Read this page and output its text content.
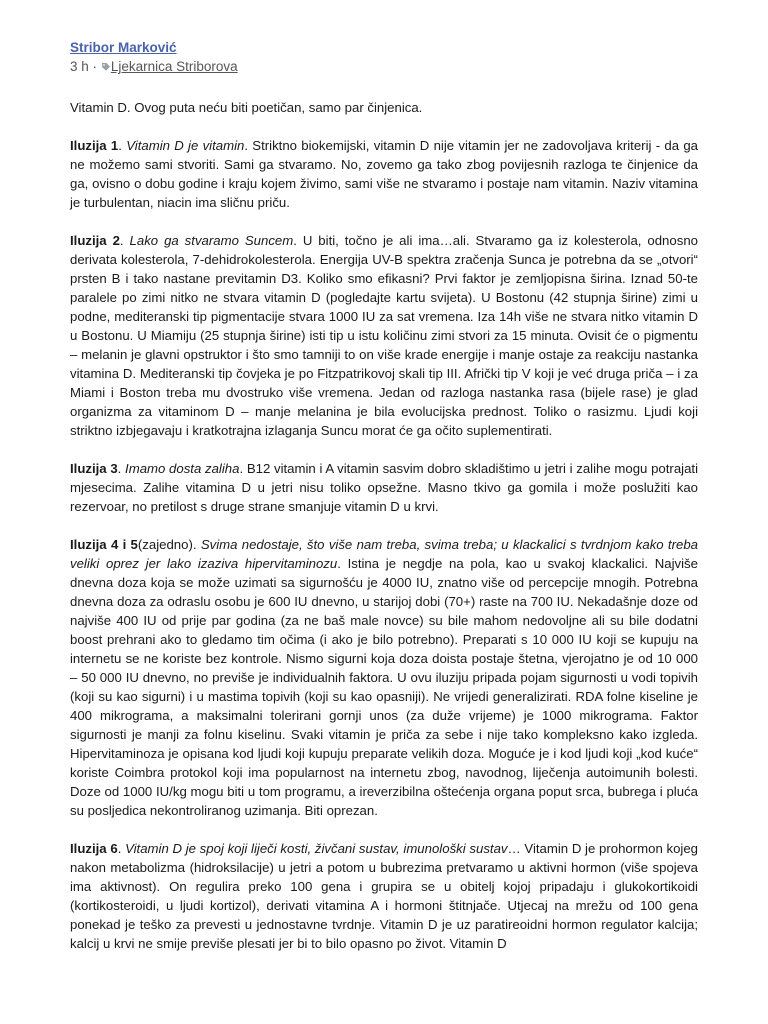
Stribor Marković
3 h · Ljekarnica Striborova

Vitamin D. Ovog puta neću biti poetičan, samo par činjenica.

Iluzija 1. Vitamin D je vitamin. Striktno biokemijski, vitamin D nije vitamin jer ne zadovoljava kriterij - da ga ne možemo sami stvoriti. Sami ga stvaramo. No, zovemo ga tako zbog povijesnih razloga te činjenice da ga, ovisno o dobu godine i kraju kojem živimo, sami više ne stvaramo i postaje nam vitamin. Naziv vitamina je turbulentan, niacin ima sličnu priču.

Iluzija 2. Lako ga stvaramo Suncem. U biti, točno je ali ima…ali. Stvaramo ga iz kolesterola, odnosno derivata kolesterola, 7-dehidrokolesterola. Energija UV-B spektra zračenja Sunca je potrebna da se „otvori“ prsten B i tako nastane previtamin D3. Koliko smo efikasni? Prvi faktor je zemljopisna širina. Iznad 50-te paralele po zimi nitko ne stvara vitamin D (pogledajte kartu svijeta). U Bostonu (42 stupnja širine) zimi u podne, mediteranski tip pigmentacije stvara 1000 IU za sat vremena. Iza 14h više ne stvara nitko vitamin D u Bostonu. U Miamiju (25 stupnja širine) isti tip u istu količinu zimi stvori za 15 minuta. Ovisit će o pigmentu – melanin je glavni opstruktor i što smo tamniji to on više krade energije i manje ostaje za reakciju nastanka vitamina D. Mediteranski tip čovjeka je po Fitzpatrikovoj skali tip III. Afrički tip V koji je već druga priča – i za Miami i Boston treba mu dvostruko više vremena. Jedan od razloga nastanka rasa (bijele rase) je glad organizma za vitaminom D – manje melanina je bila evolucijska prednost. Toliko o rasizmu. Ljudi koji striktno izbjegavaju i kratkotrajna izlaganja Suncu morat će ga očito suplementirati.

Iluzija 3. Imamo dosta zaliha. B12 vitamin i A vitamin sasvim dobro skladištimo u jetri i zalihe mogu potrajati mjesecima. Zalihe vitamina D u jetri nisu toliko opsežne. Masno tkivo ga gomila i može poslužiti kao rezervoar, no pretilost s druge strane smanjuje vitamin D u krvi.

Iluzija 4 i 5(zajedno). Svima nedostaje, što više nam treba, svima treba; u klackalici s tvrdnjom kako treba veliki oprez jer lako izaziva hipervitaminozu. Istina je negdje na pola, kao u svakoj klackalici. Najviše dnevna doza koja se može uzimati sa sigurnošću je 4000 IU, znatno više od percepcije mnogih. Potrebna dnevna doza za odraslu osobu je 600 IU dnevno, u starijoj dobi (70+) raste na 700 IU. Nekadašnje doze od najviše 400 IU od prije par godina (za ne baš male novce) su bile mahom nedovoljne ali su bile dodatni boost prehrani ako to gledamo tim očima (i ako je bilo potrebno). Preparati s 10 000 IU koji se kupuju na internetu se ne koriste bez kontrole. Nismo sigurni koja doza doista postaje štetna, vjerojatno je od 10 000 – 50 000 IU dnevno, no previše je individualnih faktora. U ovu iluziju pripada pojam sigurnosti u vodi topivih (koji su kao sigurni) i u mastima topivih (koji su kao opasniji). Ne vrijedi generalizirati. RDA folne kiseline je 400 mikrograma, a maksimalni tolerirani gornji unos (za duže vrijeme) je 1000 mikrograma. Faktor sigurnosti je manji za folnu kiselinu. Svaki vitamin je priča za sebe i nije tako kompleksno kako izgleda. Hipervitaminoza je opisana kod ljudi koji kupuju preparate velikih doza. Moguće je i kod ljudi koji „kod kuće“ koriste Coimbra protokol koji ima popularnost na internetu zbog, navodnog, liječenja autoimunih bolesti. Doze od 1000 IU/kg mogu biti u tom programu, a ireverzibilna oštećenja organa poput srca, bubrega i pluća su posljedica nekontroliranog uzimanja. Biti oprezan.

Iluzija 6. Vitamin D je spoj koji liječi kosti, živčani sustav, imunološki sustav… Vitamin D je prohormon kojeg nakon metabolizma (hidroksilacije) u jetri a potom u bubrezima pretvaramo u aktivni hormon (više spojeva ima aktivnost). On regulira preko 100 gena i grupira se u obitelj kojoj pripadaju i glukokortikoidi (kortikosteroidi, u ljudi kortizol), derivati vitamina A i hormoni štitnjače. Utjecaj na mrežu od 100 gena ponekad je teško za prevesti u jednostavne tvrdnje. Vitamin D je uz paratireoidni hormon regulator kalcija; kalcij u krvi ne smije previše plesati jer bi to bilo opasno po život. Vitamin D
